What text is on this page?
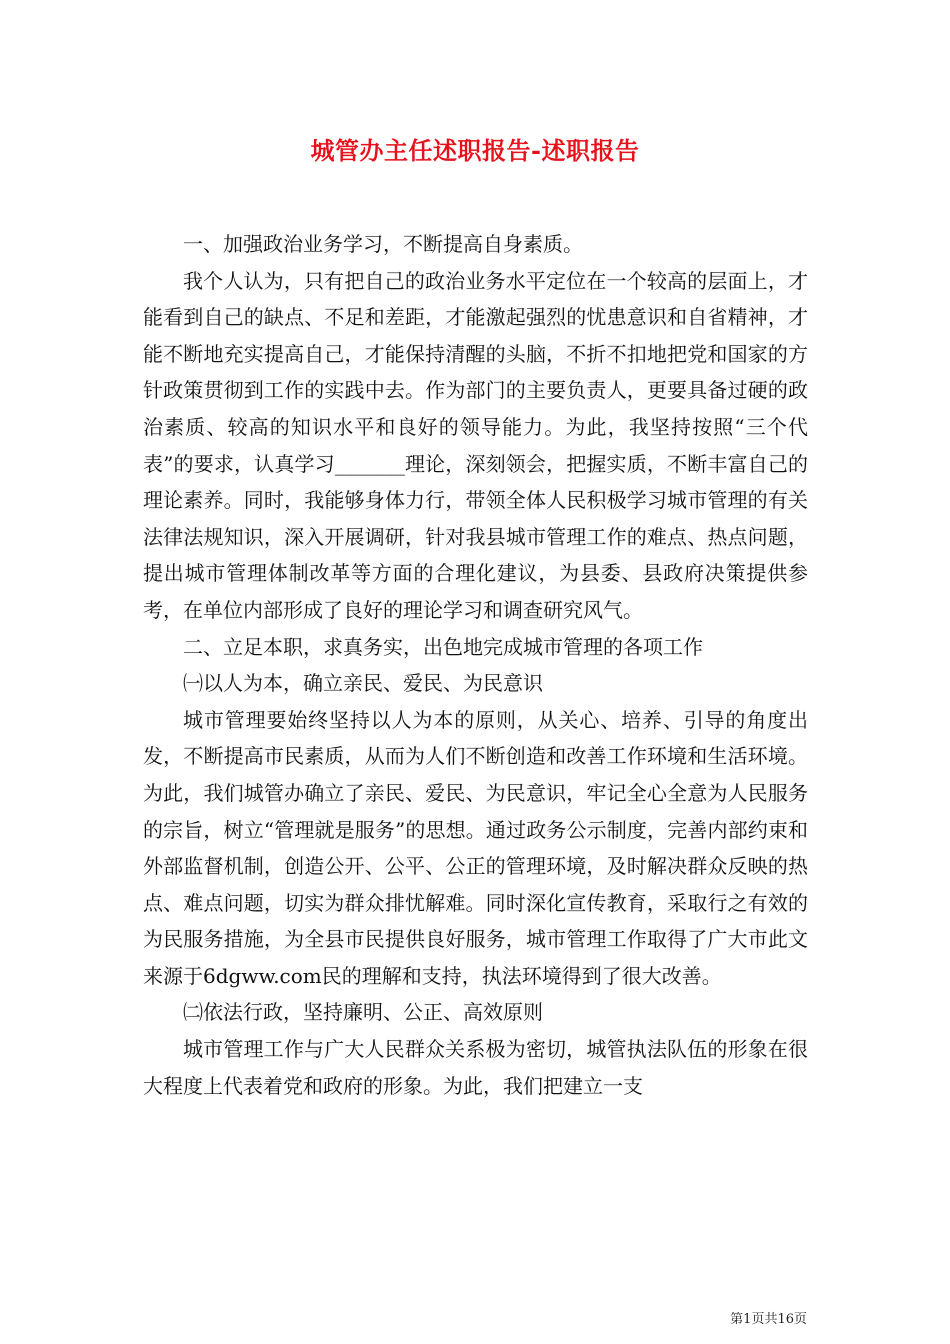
城管办主任述职报告-述职报告

一、加强政治业务学习，不断提高自身素质。

我个人认为，只有把自己的政治业务水平定位在一个较高的层面上，才能看到自己的缺点、不足和差距，才能激起强烈的忧患意识和自省精神，才能不断地充实提高自己，才能保持清醒的头脑，不折不扣地把党和国家的方针政策贯彻到工作的实践中去。作为部门的主要负责人，更要具备过硬的政治素质、较高的知识水平和良好的领导能力。为此，我坚持按照“三个代表”的要求，认真学习_______理论，深刻领会，把握实质，不断丰富自己的理论素养。同时，我能够身体力行，带领全体人民积极学习城市管理的有关法律法规知识，深入开展调研，针对我县城市管理工作的难点、热点问题，提出城市管理体制改革等方面的合理化建议，为县委、县政府决策提供参考，在单位内部形成了良好的理论学习和调查研究风气。

二、立足本职，求真务实，出色地完成城市管理的各项工作

㈠以人为本，确立亲民、爱民、为民意识

城市管理要始终坚持以人为本的原则，从关心、培养、引导的角度出发，不断提高市民素质，从而为人们不断创造和改善工作环境和生活环境。为此，我们城管办确立了亲民、爱民、为民意识，牢记全心全意为人民服务的宗旨，树立“管理就是服务”的思想。通过政务公示制度，完善内部约束和外部监督机制，创造公开、公平、公正的管理环境，及时解决群众反映的热点、难点问题，切实为群众排忧解难。同时深化宣传教育，采取行之有效的为民服务措施，为全县市民提供良好服务，城市管理工作取得了广大市此文来源于6dgww.com民的理解和支持，执法环境得到了很大改善。

㈡依法行政，坚持廉明、公正、高效原则

城市管理工作与广大人民群众关系极为密切，城管执法队伍的形象在很大程度上代表着党和政府的形象。为此，我们把建立一支

第1页共16页
